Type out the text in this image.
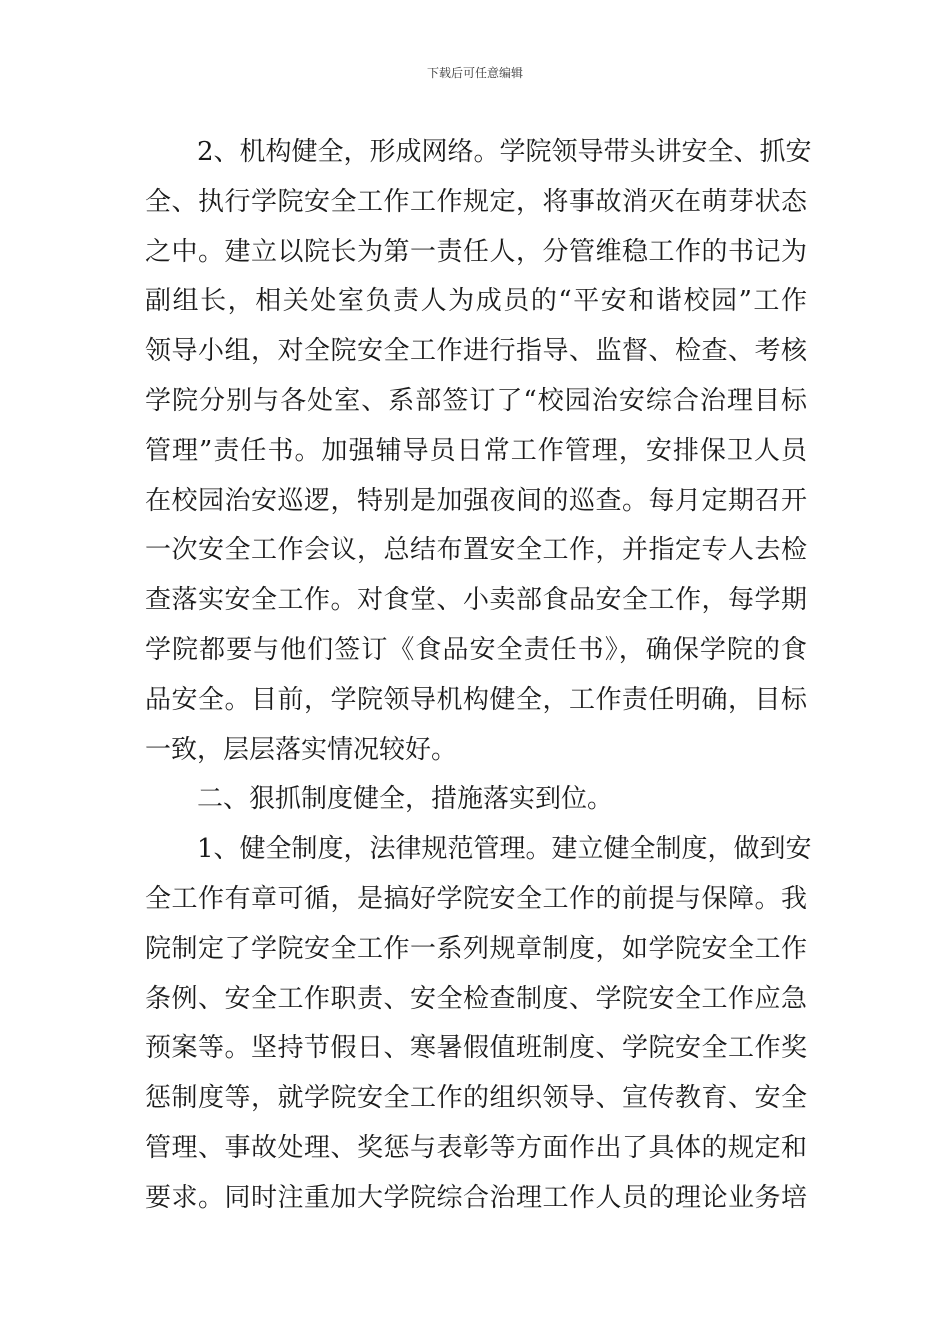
下载后可任意编辑
2、机构健全，形成网络。学院领导带头讲安全、抓安
全、执行学院安全工作工作规定，将事故消灭在萌芽状态
之中。建立以院长为第一责任人，分管维稳工作的书记为
副组长，相关处室负责人为成员的“平安和谐校园”工作
领导小组，对全院安全工作进行指导、监督、检查、考核
学院分别与各处室、系部签订了“校园治安综合治理目标
管理”责任书。加强辅导员日常工作管理，安排保卫人员
在校园治安巡逻，特别是加强夜间的巡查。每月定期召开
一次安全工作会议，总结布置安全工作，并指定专人去检
查落实安全工作。对食堂、小卖部食品安全工作，每学期
学院都要与他们签订《食品安全责任书》，确保学院的食
品安全。目前，学院领导机构健全，工作责任明确，目标
一致，层层落实情况较好。
二、狠抓制度健全，措施落实到位。
1、健全制度，法律规范管理。建立健全制度，做到安
全工作有章可循，是搞好学院安全工作的前提与保障。我
院制定了学院安全工作一系列规章制度，如学院安全工作
条例、安全工作职责、安全检查制度、学院安全工作应急
预案等。坚持节假日、寒暑假值班制度、学院安全工作奖
惩制度等，就学院安全工作的组织领导、宣传教育、安全
管理、事故处理、奖惩与表彰等方面作出了具体的规定和
要求。同时注重加大学院综合治理工作人员的理论业务培
